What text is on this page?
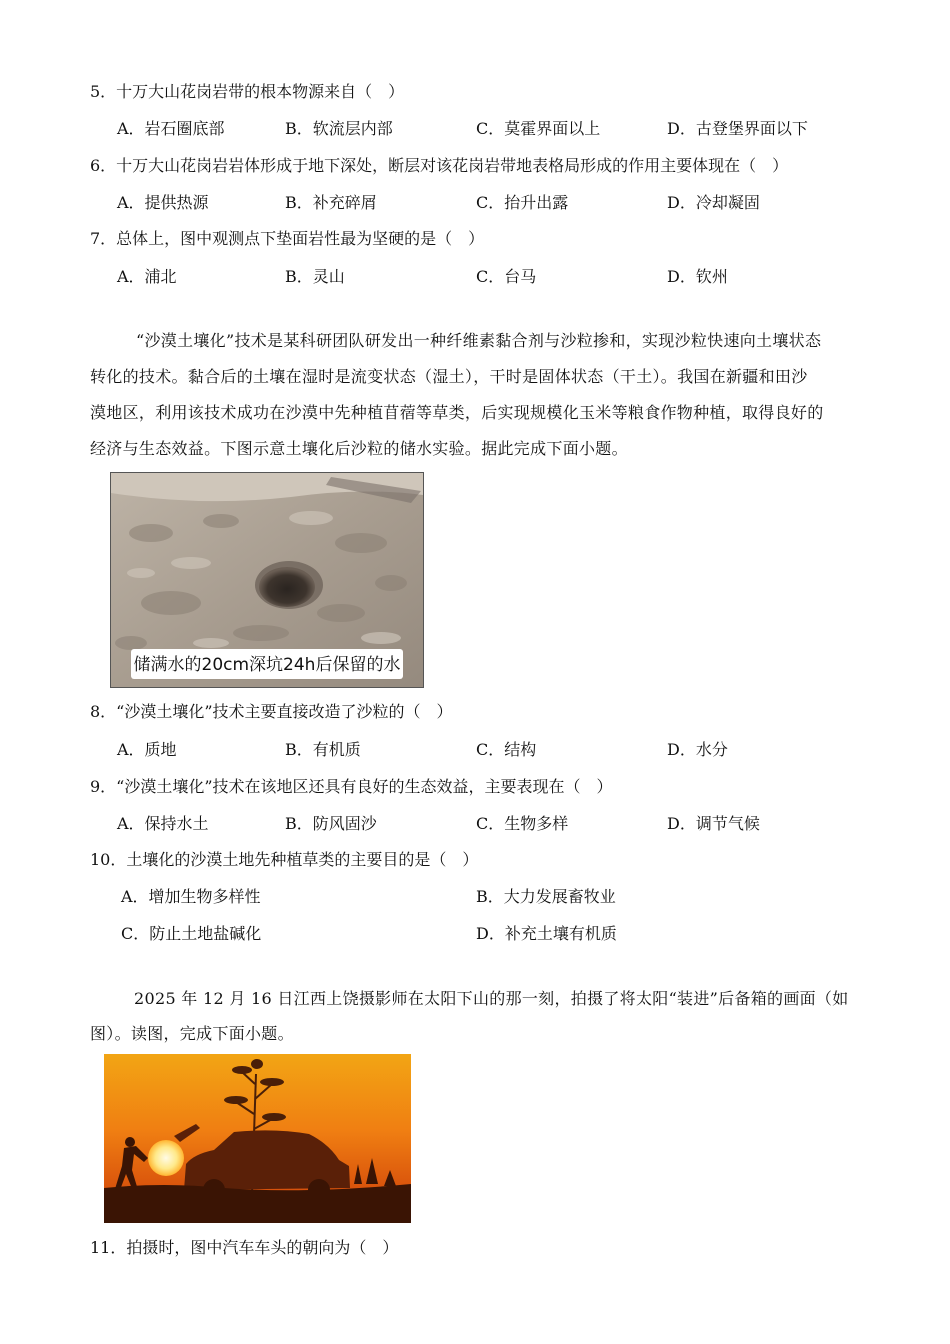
5．十万大山花岗岩带的根本物源来自（　）
A．岩石圈底部	B．软流层内部	C．莫霍界面以上	D．古登堡界面以下
6．十万大山花岗岩岩体形成于地下深处，断层对该花岗岩带地表格局形成的作用主要体现在（　）
A．提供热源	B．补充碎屑	C．抬升出露	D．冷却凝固
7．总体上，图中观测点下垫面岩性最为坚硬的是（　）
A．浦北	B．灵山	C．台马	D．钦州
“沙漠土壤化”技术是某科研团队研发出一种纤维素黏合剂与沙粒掺和，实现沙粒快速向土壤状态
转化的技术。黏合后的土壤在湿时是流变状态（湿土），干时是固体状态（干土）。我国在新疆和田沙
漠地区，利用该技术成功在沙漠中先种植苜蓿等草类，后实现规模化玉米等粮食作物种植，取得良好的
经济与生态效益。下图示意土壤化后沙粒的储水实验。据此完成下面小题。
储满水的20cm深坑24h后保留的水
8．“沙漠土壤化”技术主要直接改造了沙粒的（　）
A．质地	B．有机质	C．结构	D．水分
9．“沙漠土壤化”技术在该地区还具有良好的生态效益，主要表现在（　）
A．保持水土	B．防风固沙	C．生物多样	D．调节气候
10．土壤化的沙漠土地先种植草类的主要目的是（　）
A．增加生物多样性	B．大力发展畜牧业
C．防止土地盐碱化	D．补充土壤有机质
2025 年 12 月 16 日江西上饶摄影师在太阳下山的那一刻，拍摄了将太阳“装进”后备箱的画面（如
图）。读图，完成下面小题。
11．拍摄时，图中汽车车头的朝向为（　）
